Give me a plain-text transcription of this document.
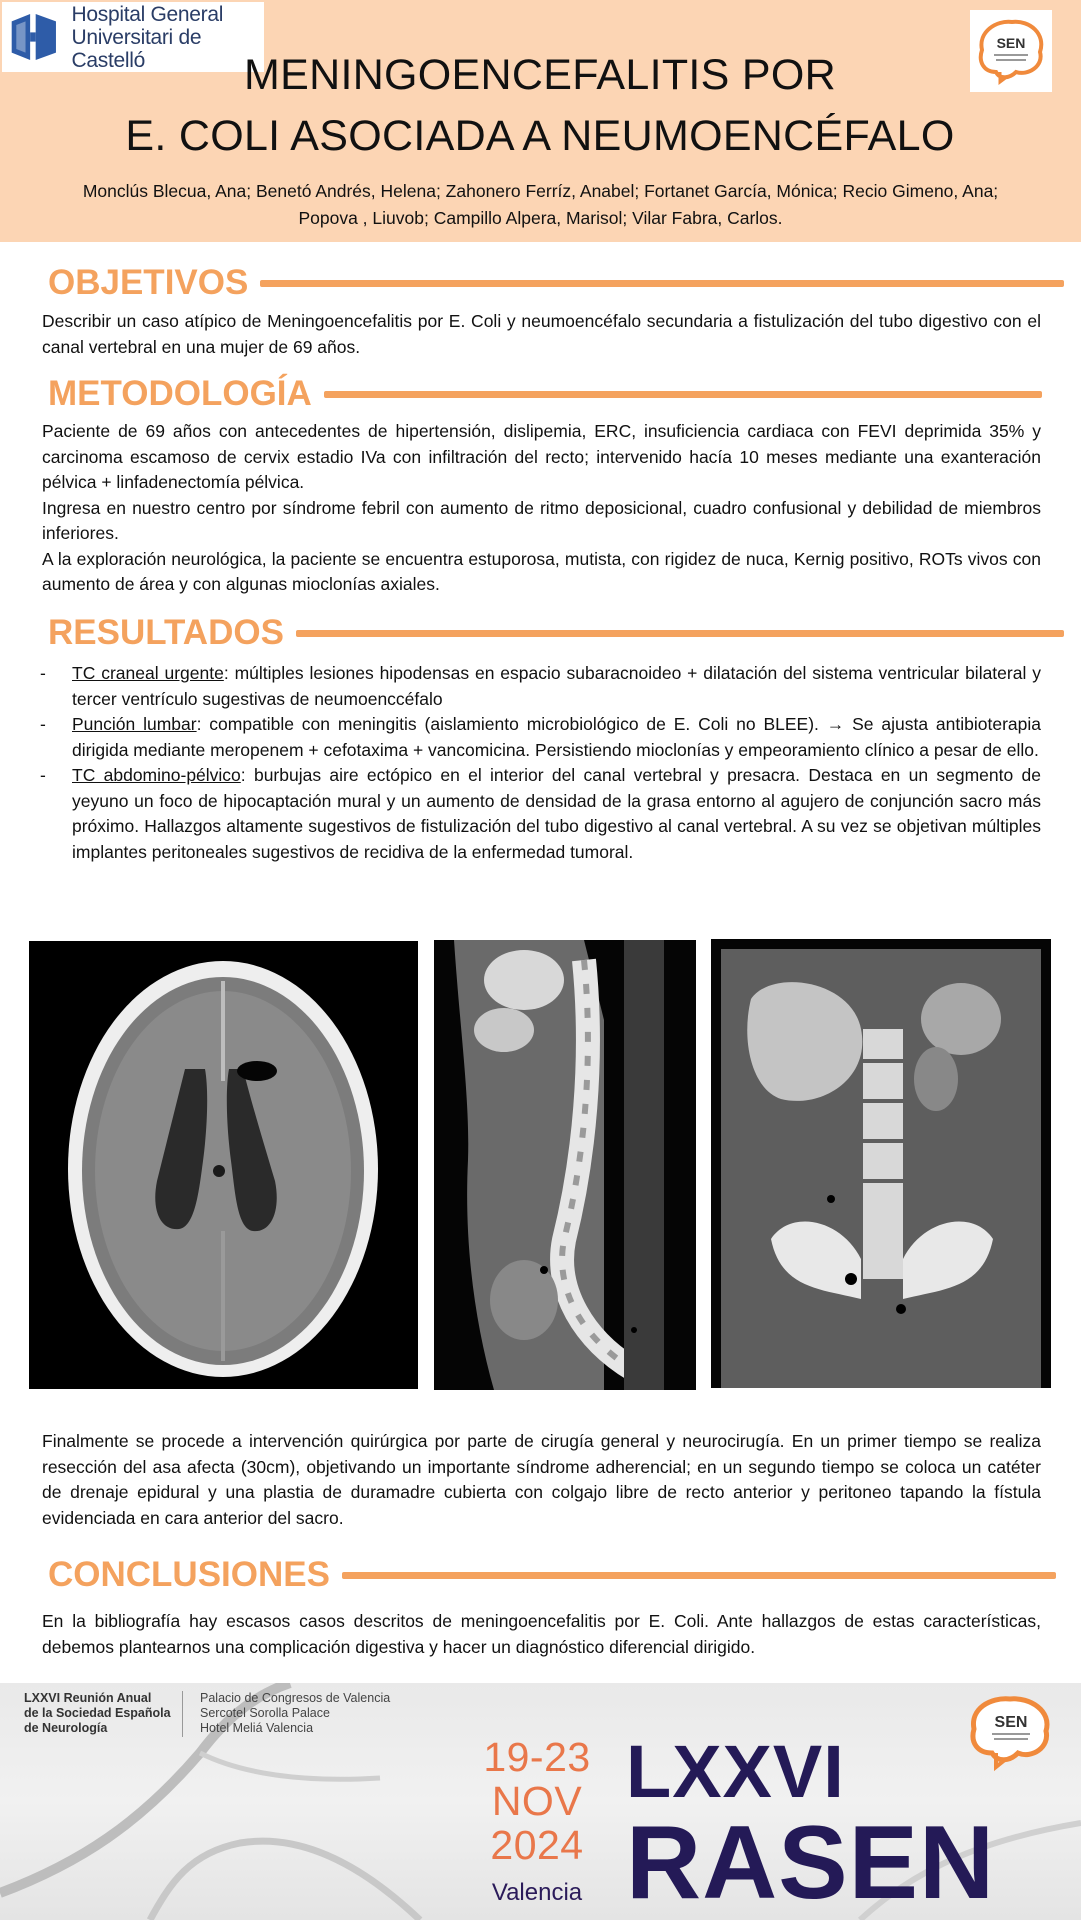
Hospital General
Universitari de Castelló	MENINGOENCEFALITIS POR
E. COLI ASOCIADA A NEUMOENCÉFALO
SEN
Monclús Blecua, Ana; Benetó Andrés, Helena; Zahonero Ferríz, Anabel; Fortanet García, Mónica; Recio Gimeno, Ana;
Popova , Liuvob; Campillo Alpera, Marisol; Vilar Fabra, Carlos.
OBJETIVOS
Describir un caso atípico de Meningoencefalitis por E. Coli y neumoencéfalo secundaria a fistulización del tubo digestivo con el canal vertebral en una mujer de 69 años.
METODOLOGÍA

Paciente de 69 años con antecedentes de hipertensión, dislipemia, ERC, insuficiencia cardiaca con FEVI deprimida 35% y carcinoma escamoso de cervix estadio IVa con infiltración del recto; intervenido hacía 10 meses mediante una exanteración pélvica + linfadenectomía pélvica.

Ingresa en nuestro centro por síndrome febril con aumento de ritmo deposicional, cuadro confusional y debilidad de miembros inferiores.

A la exploración neurológica, la paciente se encuentra estuporosa, mutista, con rigidez de nuca, Kernig positivo, ROTs vivos con aumento de área y con algunas mioclonías axiales.

RESULTADOS
-	TC craneal urgente: múltiples lesiones hipodensas en espacio subaracnoideo + dilatación del sistema ventricular bilateral y tercer ventrículo sugestivas de neumoenccéfalo
-	Punción lumbar: compatible con meningitis (aislamiento microbiológico de E. Coli no BLEE). → Se ajusta antibioterapia dirigida mediante meropenem + cefotaxima + vancomicina. Persistiendo mioclonías y empeoramiento clínico a pesar de ello.
-	TC abdomino-pélvico: burbujas aire ectópico en el interior del canal vertebral y presacra. Destaca en un segmento de yeyuno un foco de hipocaptación mural y un aumento de densidad de la grasa entorno al agujero de conjunción sacro más próximo. Hallazgos altamente sugestivos de fistulización del tubo digestivo al canal vertebral. A su vez se objetivan múltiples implantes peritoneales sugestivos de recidiva de la enfermedad tumoral.
Finalmente se procede a intervención quirúrgica por parte de cirugía general y neurocirugía. En un primer tiempo se realiza resección del asa afecta (30cm), objetivando un importante síndrome adherencial; en un segundo tiempo se coloca un catéter de drenaje epidural y una plastia de duramadre cubierta con colgajo libre de recto anterior y peritoneo tapando la fístula evidenciada en cara anterior del sacro.
CONCLUSIONES
En la bibliografía hay escasos casos descritos de meningoencefalitis por E. Coli. Ante hallazgos de estas características, debemos plantearnos una complicación digestiva y hacer un diagnóstico diferencial dirigido.
LXXVI Reunión Anual
de la Sociedad Española
de Neurología
Palacio de Congresos de Valencia
Sercotel Sorolla Palace
Hotel Meliá Valencia
19-23
NOV
2024
Valencia
LXXVI
RASEN
SEN
